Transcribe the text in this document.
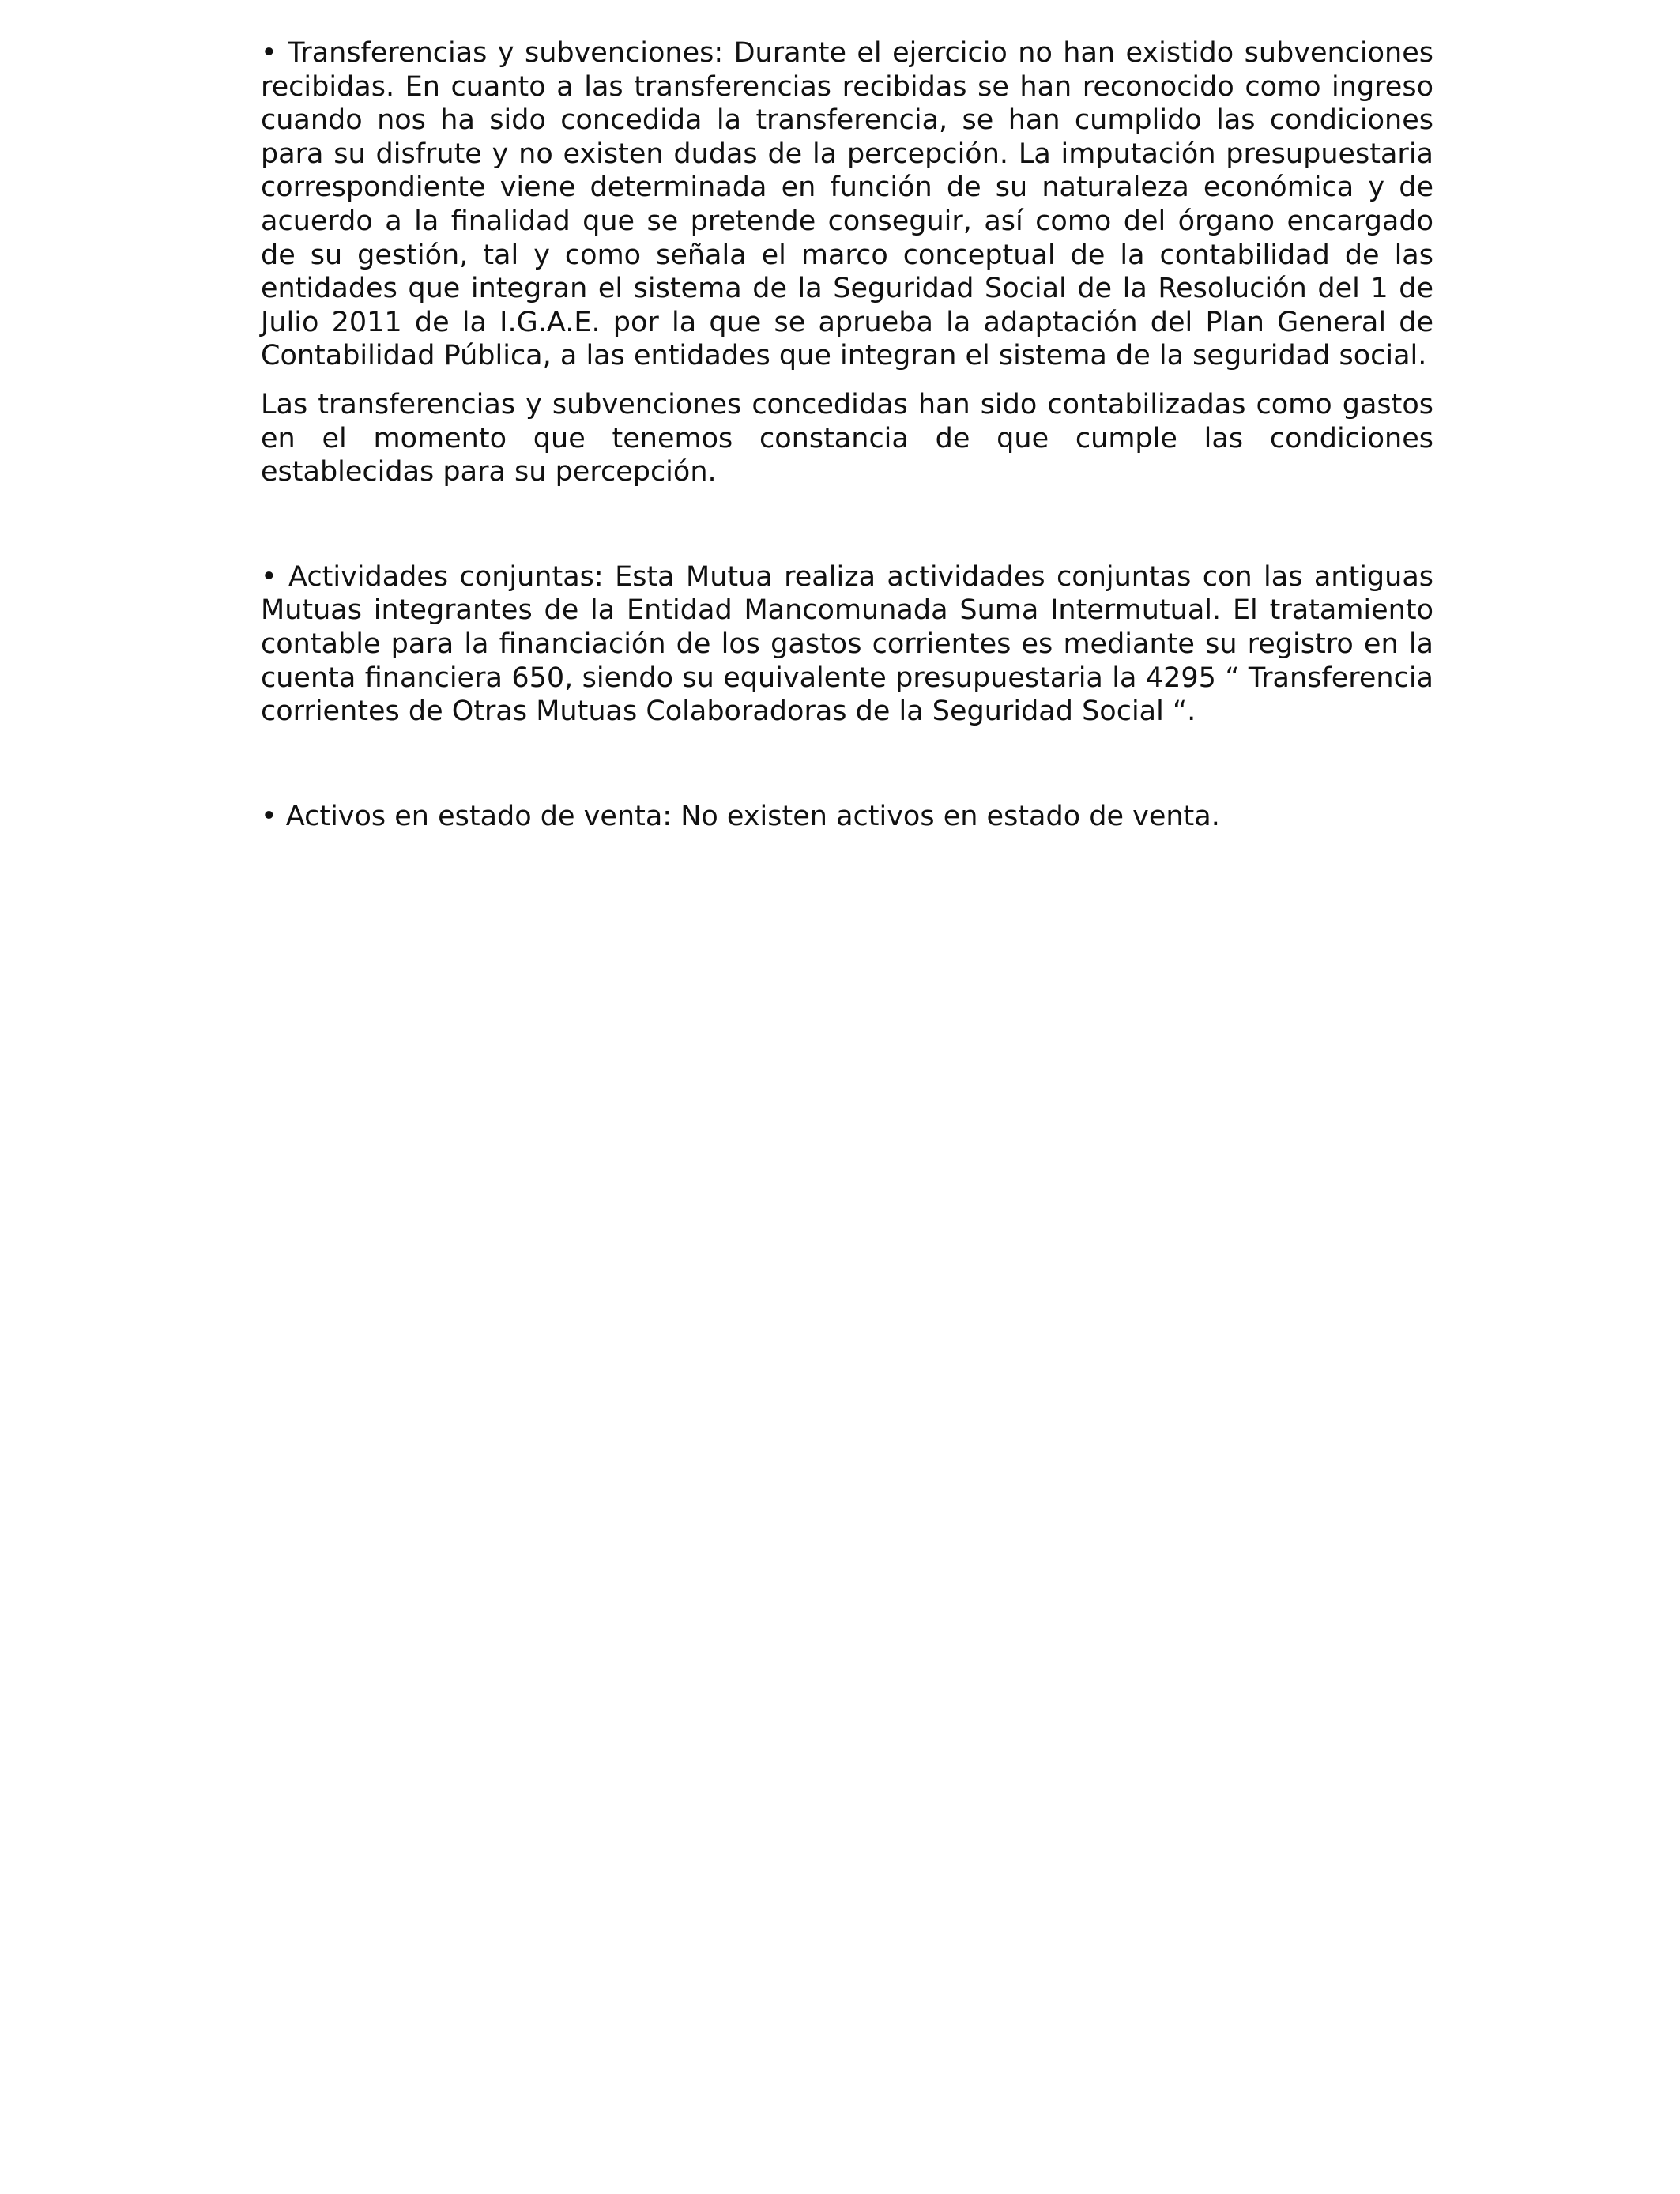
• Transferencias y subvenciones: Durante el ejercicio no han existido subvenciones recibidas. En cuanto a las transferencias recibidas se han reconocido como ingreso cuando nos ha sido concedida la transferencia, se han cumplido las condiciones para su disfrute y no existen dudas de la percepción. La imputación presupuestaria correspondiente viene determinada en función de su naturaleza económica y de acuerdo a la finalidad que se pretende conseguir, así como del órgano encargado de su gestión, tal y como señala el marco conceptual de la contabilidad de las entidades que integran el sistema de la Seguridad Social de la Resolución del 1 de Julio 2011 de la I.G.A.E. por la que se aprueba la adaptación del Plan General de Contabilidad Pública, a las entidades que integran el sistema de la seguridad social.

Las transferencias y subvenciones concedidas han sido contabilizadas como gastos en el momento que tenemos constancia de que cumple las condiciones establecidas para su percepción.

• Actividades conjuntas: Esta Mutua realiza actividades conjuntas con las antiguas Mutuas integrantes de la Entidad Mancomunada Suma Intermutual. El tratamiento contable para la financiación de los gastos corrientes es mediante su registro en la cuenta financiera 650, siendo su equivalente presupuestaria la 4295 “ Transferencia corrientes de Otras Mutuas Colaboradoras de la Seguridad Social “.

• Activos en estado de venta: No existen activos en estado de venta.
